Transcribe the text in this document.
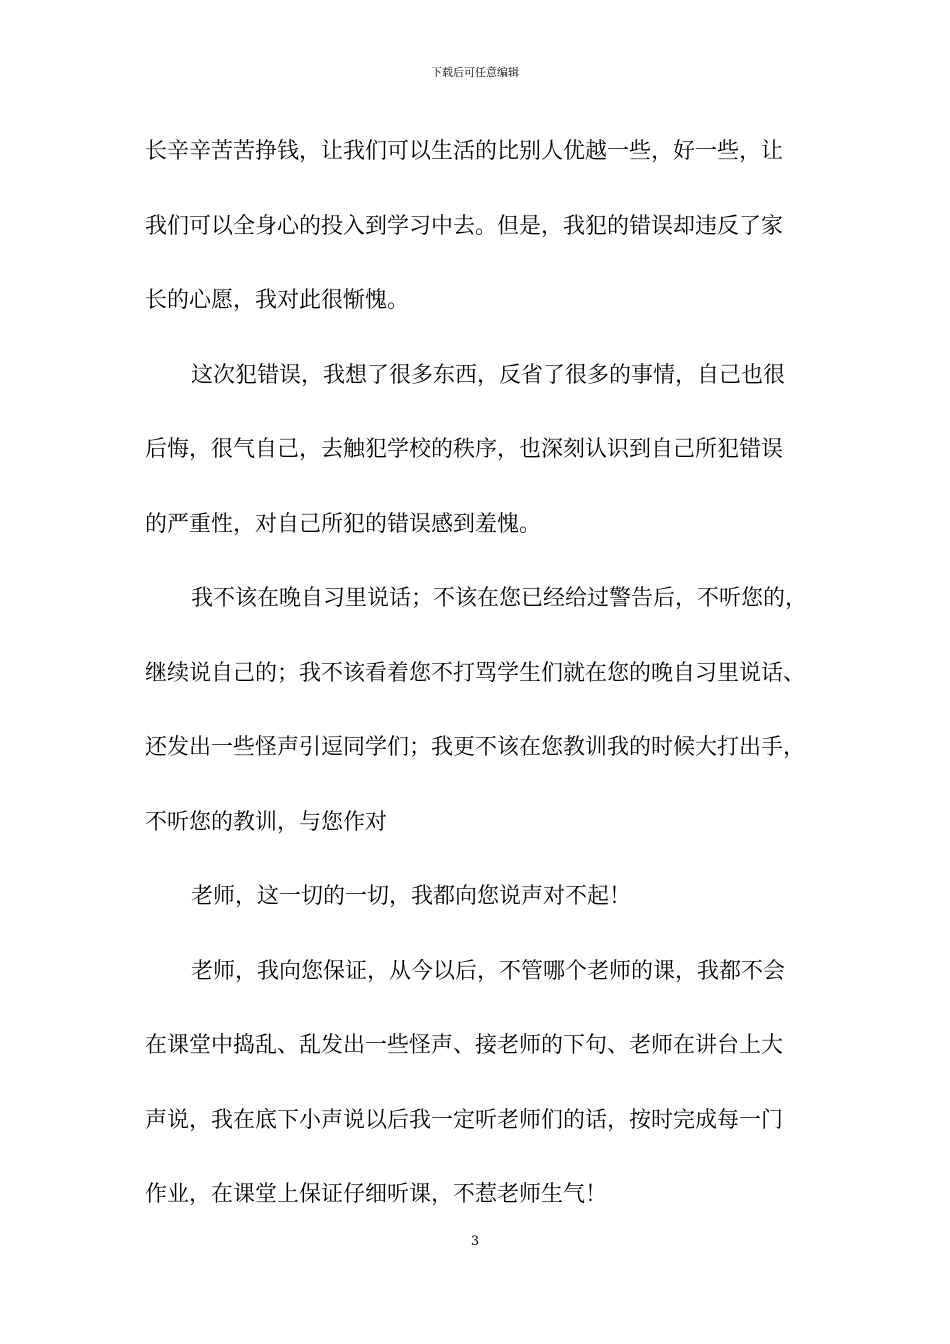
下载后可任意编辑
长辛辛苦苦挣钱，让我们可以生活的比别人优越一些，好一些，让
我们可以全身心的投入到学习中去。但是，我犯的错误却违反了家
长的心愿，我对此很惭愧。
这次犯错误，我想了很多东西，反省了很多的事情，自己也很
后悔，很气自己，去触犯学校的秩序，也深刻认识到自己所犯错误
的严重性，对自己所犯的错误感到羞愧。
我不该在晚自习里说话；不该在您已经给过警告后，不听您的，
继续说自己的；我不该看着您不打骂学生们就在您的晚自习里说话、
还发出一些怪声引逗同学们；我更不该在您教训我的时候大打出手，
不听您的教训，与您作对
老师，这一切的一切，我都向您说声对不起！
老师，我向您保证，从今以后，不管哪个老师的课，我都不会
在课堂中捣乱、乱发出一些怪声、接老师的下句、老师在讲台上大
声说，我在底下小声说以后我一定听老师们的话，按时完成每一门
作业，在课堂上保证仔细听课，不惹老师生气！
3
